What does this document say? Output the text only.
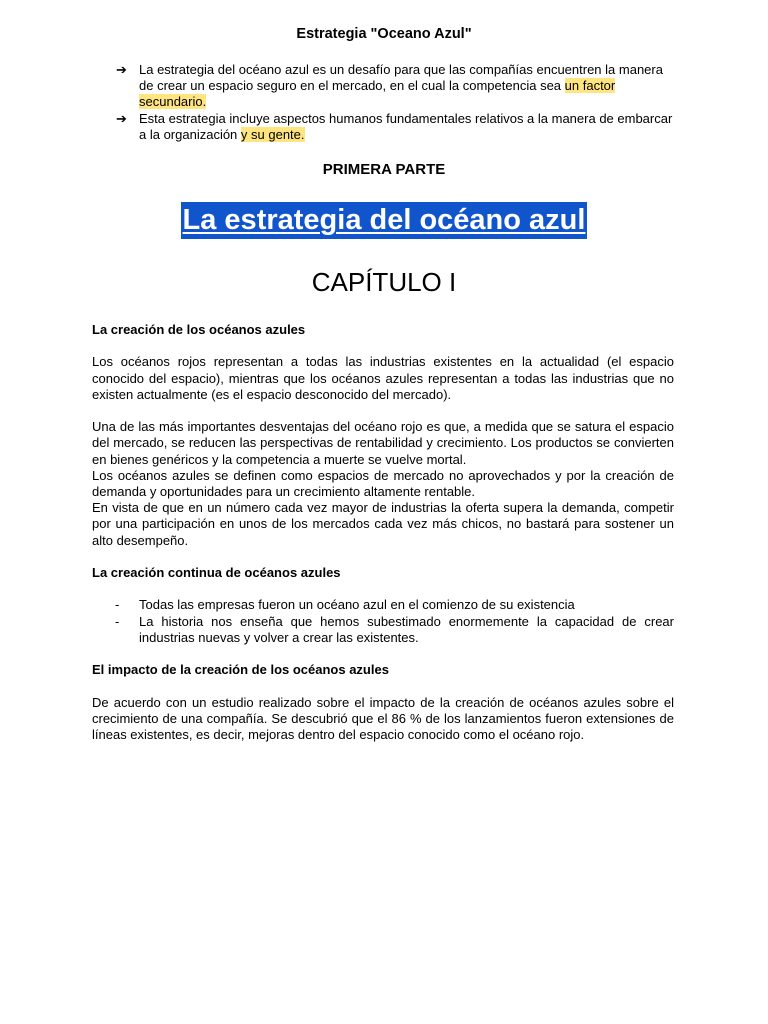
Estrategia "Oceano Azul"
➔ La estrategia del océano azul es un desafío para que las compañías encuentren la manera de crear un espacio seguro en el mercado, en el cual la competencia sea un factor secundario.
➔ Esta estrategia incluye aspectos humanos fundamentales relativos a la manera de embarcar a la organización y su gente.
PRIMERA PARTE
La estrategia del océano azul
CAPÍTULO I

La creación de los océanos azules

Los océanos rojos representan a todas las industrias existentes en la actualidad (el espacio conocido del espacio), mientras que los océanos azules representan a todas las industrias que no existen actualmente (es el espacio desconocido del mercado).

Una de las más importantes desventajas del océano rojo es que, a medida que se satura el espacio del mercado, se reducen las perspectivas de rentabilidad y crecimiento. Los productos se convierten en bienes genéricos y la competencia a muerte se vuelve mortal.

Los océanos azules se definen como espacios de mercado no aprovechados y por la creación de demanda y oportunidades para un crecimiento altamente rentable.

En vista de que en un número cada vez mayor de industrias la oferta supera la demanda, competir por una participación en unos de los mercados cada vez más chicos, no bastará para sostener un alto desempeño.

La creación continua de océanos azules

- Todas las empresas fueron un océano azul en el comienzo de su existencia
- La historia nos enseña que hemos subestimado enormemente la capacidad de crear industrias nuevas y volver a crear las existentes.

El impacto de la creación de los océanos azules

De acuerdo con un estudio realizado sobre el impacto de la creación de océanos azules sobre el crecimiento de una compañía. Se descubrió que el 86 % de los lanzamientos fueron extensiones de líneas existentes, es decir, mejoras dentro del espacio conocido como el océano rojo.
